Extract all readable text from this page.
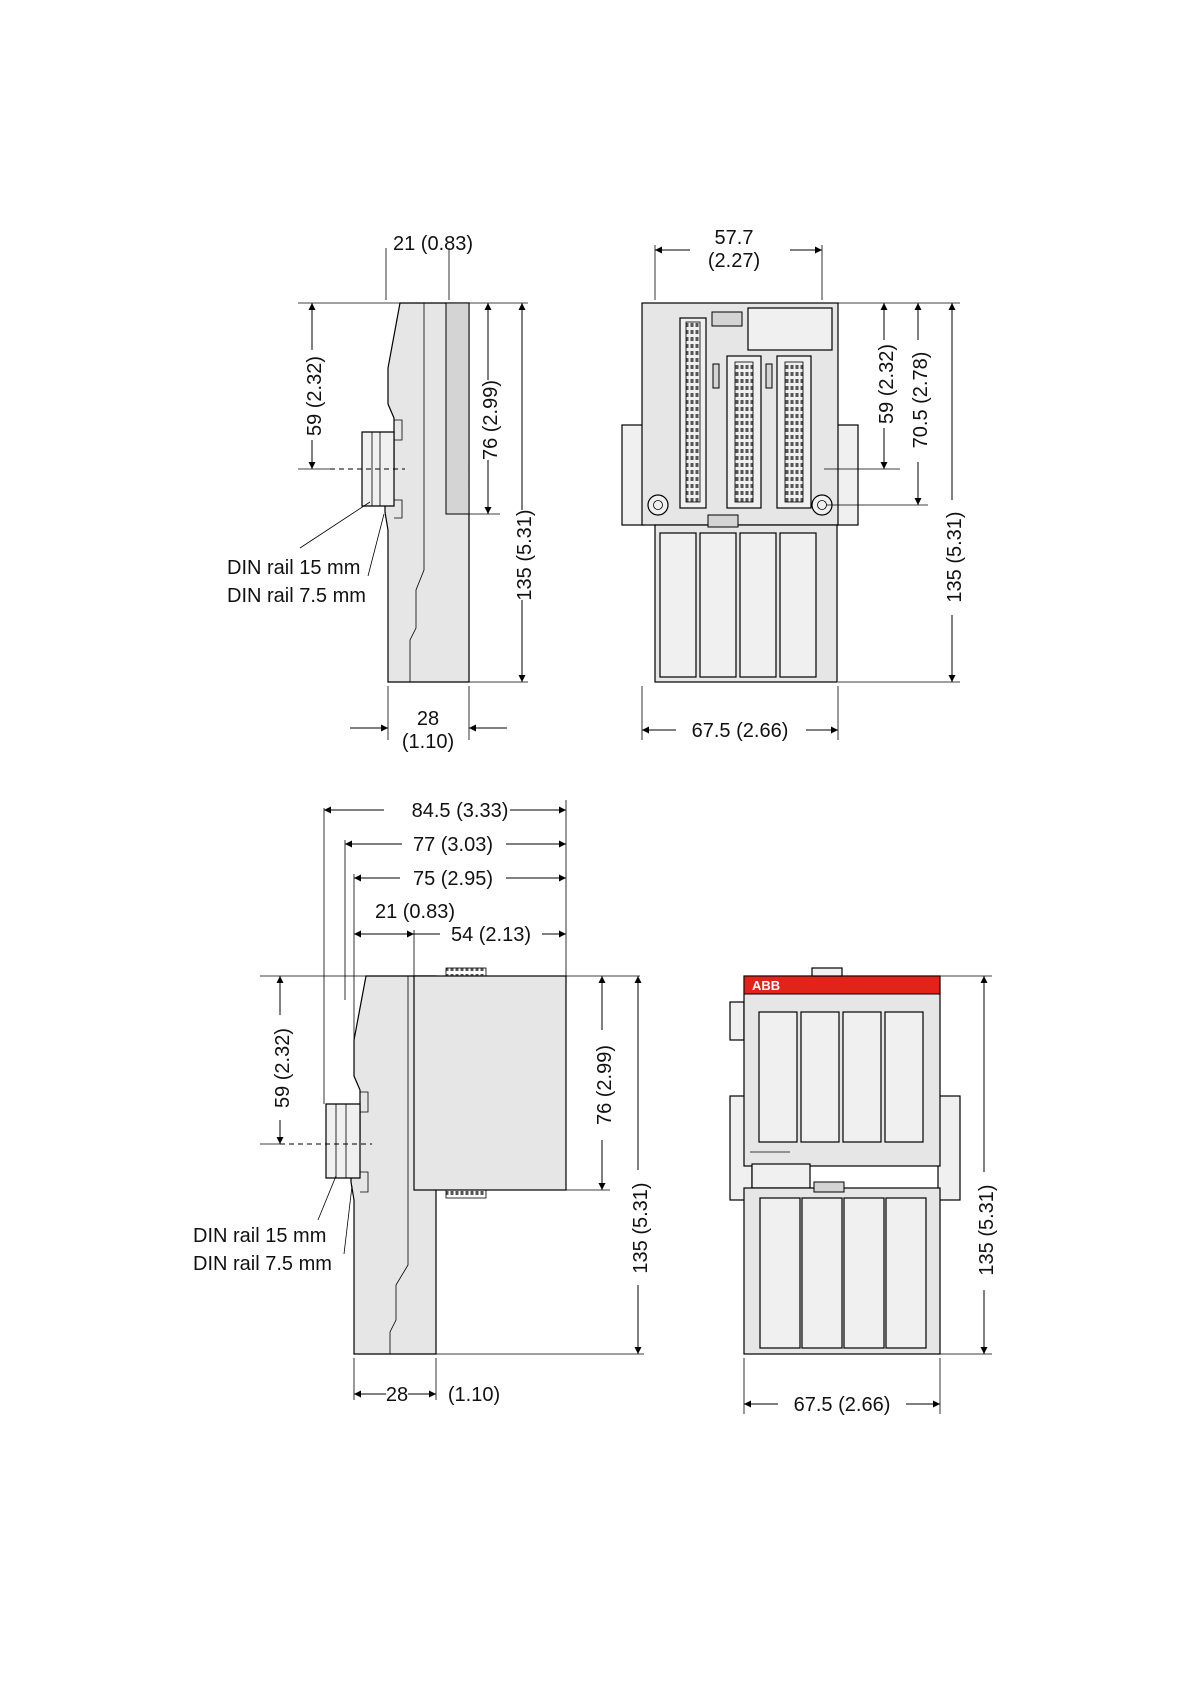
21 (0.83)
59 (2.32)	76 (2.99)
135 (5.31)
DIN rail 15 mm
DIN rail 7.5 mm
28
(1.10)
57.7
(2.27)
59 (2.32) 70.5 (2.78)
135 (5.31)
67.5 (2.66)
84.5 (3.33)
77 (3.03)
75 (2.95)
21 (0.83)
54 (2.13)
59 (2.32)	76 (2.99)
135 (5.31)
DIN rail 15 mm
DIN rail 7.5 mm
28 (1.10)
ABB
135 (5.31)
67.5 (2.66)
